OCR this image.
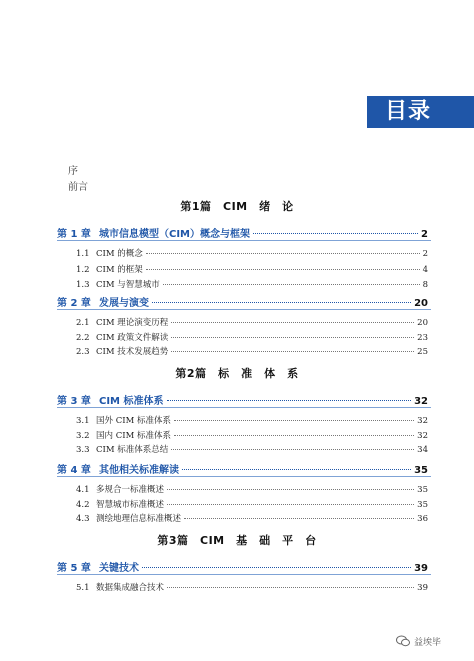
目录
序
前言
第1篇　CIM　绪　论
第 1 章 城市信息模型（CIM）概念与框架	2
1.1 CIM 的概念	2
1.2 CIM 的框架	4
1.3 CIM 与智慧城市	8
第 2 章 发展与演变	20
2.1 CIM 理论演变历程	20
2.2 CIM 政策文件解读	23
2.3 CIM 技术发展趋势	25
第2篇　标　准　体　系
第 3 章 CIM 标准体系	32
3.1 国外 CIM 标准体系	32
3.2 国内 CIM 标准体系	32
3.3 CIM 标准体系总结	34
第 4 章 其他相关标准解读	35
4.1 多规合一标准概述	35
4.2 智慧城市标准概述	35
4.3 测绘地理信息标准概述	36
第3篇　CIM　基　础　平　台
第 5 章 关键技术	39
5.1 数据集成融合技术	39
益埃毕
